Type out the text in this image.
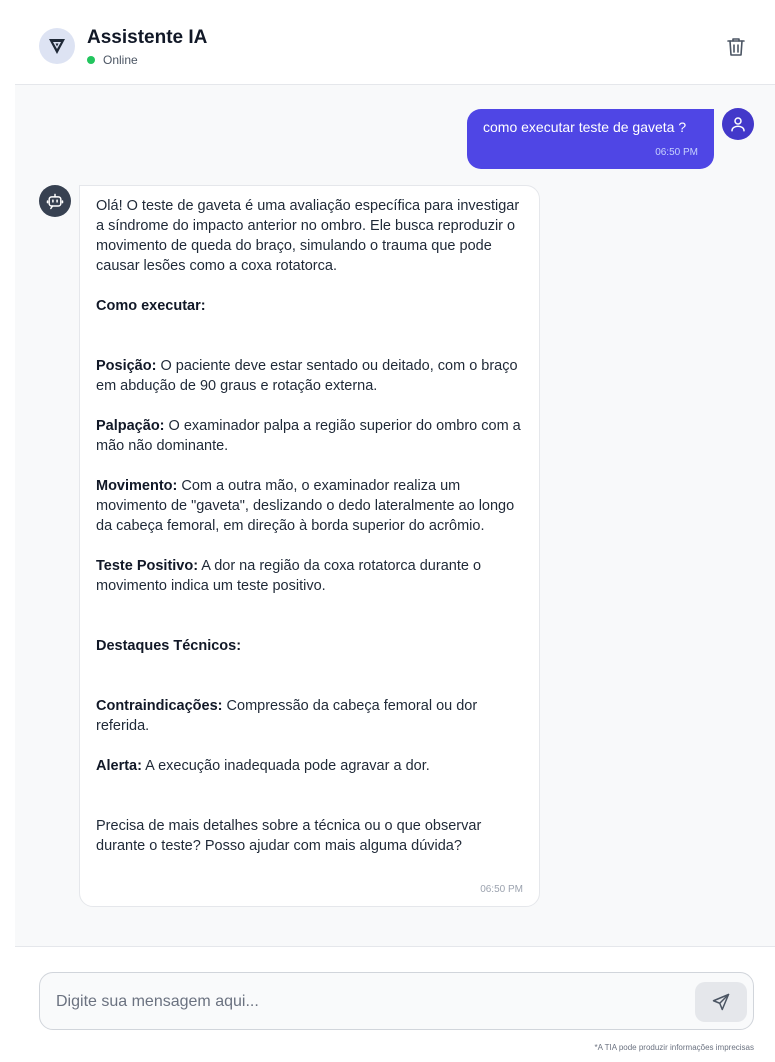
Assistente IA
Online
como executar teste de gaveta ?
06:50 PM

Olá! O teste de gaveta é uma avaliação específica para investigar a síndrome do impacto anterior no ombro. Ele busca reproduzir o movimento de queda do braço, simulando o trauma que pode causar lesões como a coxa rotatorca.

Como executar:

Posição: O paciente deve estar sentado ou deitado, com o braço em abdução de 90 graus e rotação externa.

Palpação: O examinador palpa a região superior do ombro com a mão não dominante.

Movimento: Com a outra mão, o examinador realiza um movimento de "gaveta", deslizando o dedo lateralmente ao longo da cabeça femoral, em direção à borda superior do acrômio.

Teste Positivo: A dor na região da coxa rotatorca durante o movimento indica um teste positivo.

Destaques Técnicos:

Contraindicações: Compressão da cabeça femoral ou dor referida.

Alerta: A execução inadequada pode agravar a dor.

Precisa de mais detalhes sobre a técnica ou o que observar durante o teste? Posso ajudar com mais alguma dúvida?

06:50 PM
Digite sua mensagem aqui...
*A TIA pode produzir informações imprecisas
